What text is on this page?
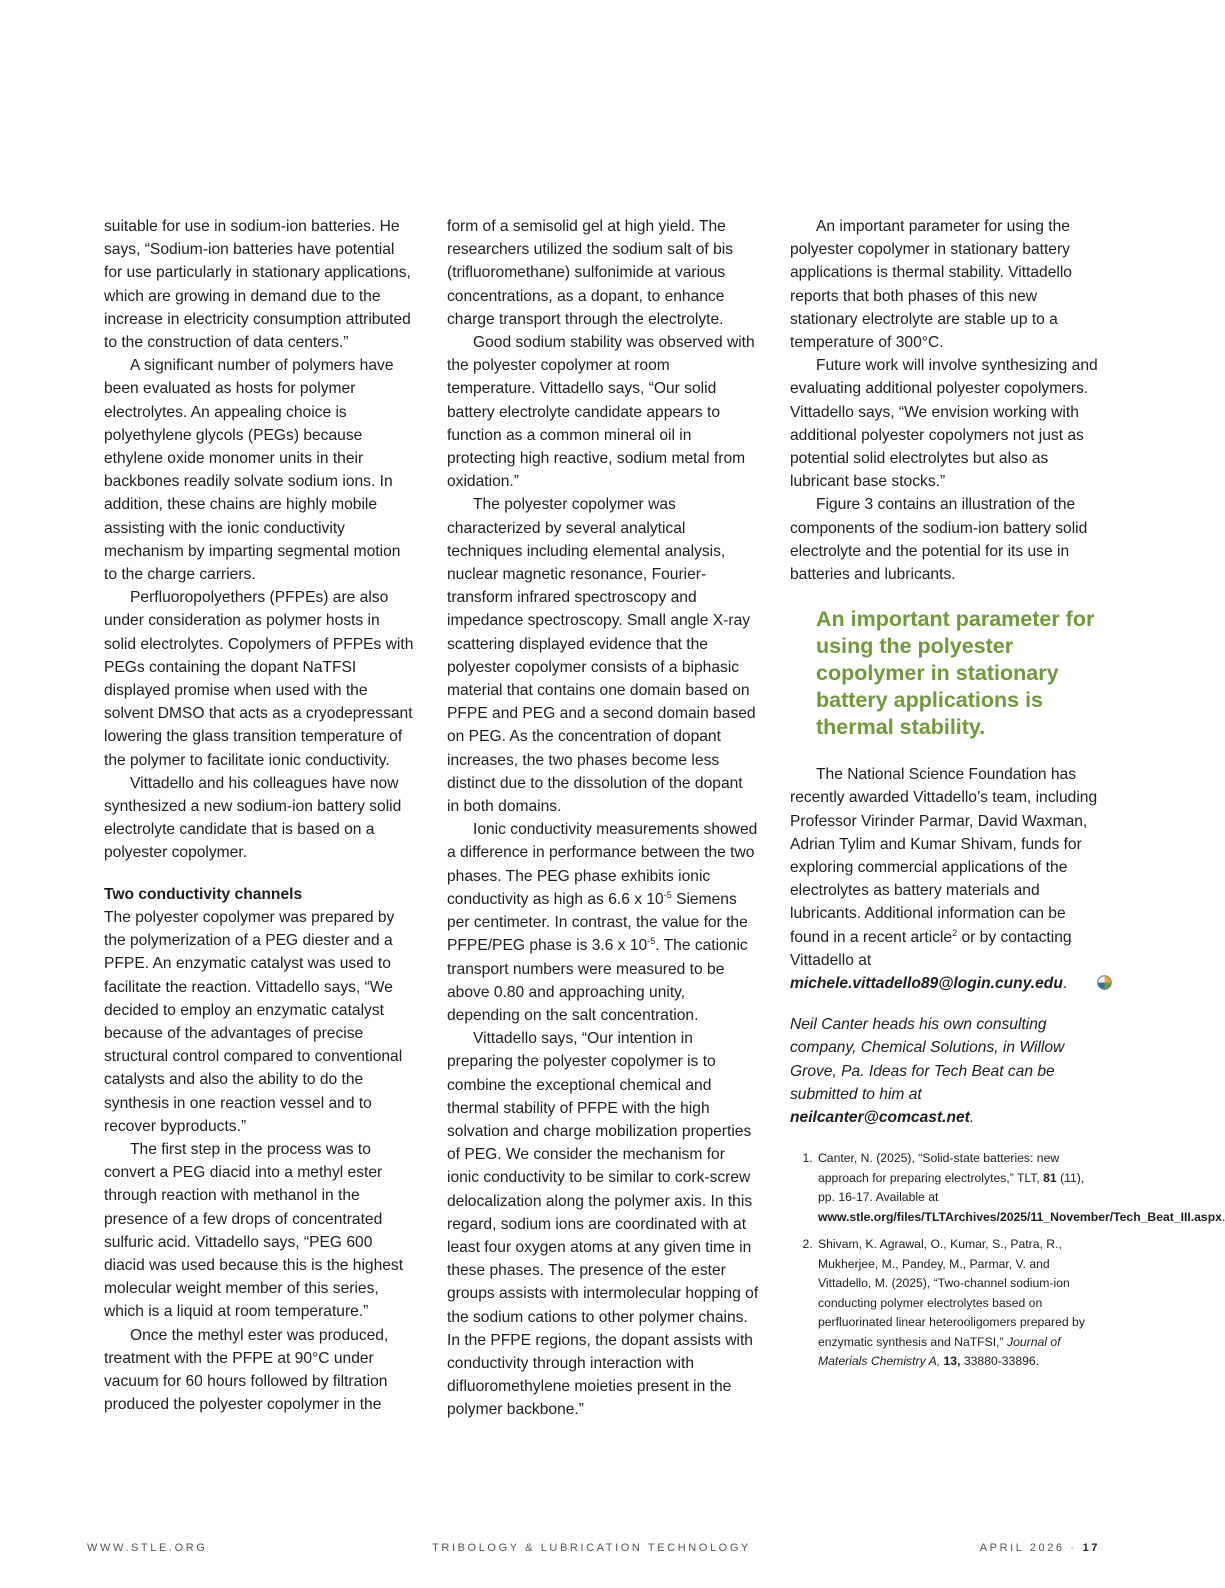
suitable for use in sodium-ion batteries. He says, “Sodium-ion batteries have potential for use particularly in stationary applications, which are growing in demand due to the increase in electricity consumption attributed to the construction of data centers.”

A significant number of polymers have been evaluated as hosts for polymer electrolytes. An appealing choice is polyethylene glycols (PEGs) because ethylene oxide monomer units in their backbones readily solvate sodium ions. In addition, these chains are highly mobile assisting with the ionic conductivity mechanism by imparting segmental motion to the charge carriers.

Perfluoropolyethers (PFPEs) are also under consideration as polymer hosts in solid electrolytes. Copolymers of PFPEs with PEGs containing the dopant NaTFSI displayed promise when used with the solvent DMSO that acts as a cryodepressant lowering the glass transition temperature of the polymer to facilitate ionic conductivity.

Vittadello and his colleagues have now synthesized a new sodium-ion battery solid electrolyte candidate that is based on a polyester copolymer.

Two conductivity channels

The polyester copolymer was prepared by the polymerization of a PEG diester and a PFPE. An enzymatic catalyst was used to facilitate the reaction. Vittadello says, “We decided to employ an enzymatic catalyst because of the advantages of precise structural control compared to conventional catalysts and also the ability to do the synthesis in one reaction vessel and to recover byproducts.”

The first step in the process was to convert a PEG diacid into a methyl ester through reaction with methanol in the presence of a few drops of concentrated sulfuric acid. Vittadello says, “PEG 600 diacid was used because this is the highest molecular weight member of this series, which is a liquid at room temperature.”

Once the methyl ester was produced, treatment with the PFPE at 90°C under vacuum for 60 hours followed by filtration produced the polyester copolymer in the

form of a semisolid gel at high yield. The researchers utilized the sodium salt of bis (trifluoromethane) sulfonimide at various concentrations, as a dopant, to enhance charge transport through the electrolyte.

Good sodium stability was observed with the polyester copolymer at room temperature. Vittadello says, “Our solid battery electrolyte candidate appears to function as a common mineral oil in protecting high reactive, sodium metal from oxidation.”

The polyester copolymer was characterized by several analytical techniques including elemental analysis, nuclear magnetic resonance, Fourier-transform infrared spectroscopy and impedance spectroscopy. Small angle X-ray scattering displayed evidence that the polyester copolymer consists of a biphasic material that contains one domain based on PFPE and PEG and a second domain based on PEG. As the concentration of dopant increases, the two phases become less distinct due to the dissolution of the dopant in both domains.

Ionic conductivity measurements showed a difference in performance between the two phases. The PEG phase exhibits ionic conductivity as high as 6.6 x $10^{-5}$ Siemens per centimeter. In contrast, the value for the PFPE/PEG phase is 3.6 x $10^{-5}$. The cationic transport numbers were measured to be above 0.80 and approaching unity, depending on the salt concentration.

Vittadello says, “Our intention in preparing the polyester copolymer is to combine the exceptional chemical and thermal stability of PFPE with the high solvation and charge mobilization properties of PEG. We consider the mechanism for ionic conductivity to be similar to cork-screw delocalization along the polymer axis. In this regard, sodium ions are coordinated with at least four oxygen atoms at any given time in these phases. The presence of the ester groups assists with intermolecular hopping of the sodium cations to other polymer chains. In the PFPE regions, the dopant assists with conductivity through interaction with difluoromethylene moieties present in the polymer backbone.”

An important parameter for using the polyester copolymer in stationary battery applications is thermal stability. Vittadello reports that both phases of this new stationary electrolyte are stable up to a temperature of 300°C.

Future work will involve synthesizing and evaluating additional polyester copolymers. Vittadello says, “We envision working with additional polyester copolymers not just as potential solid electrolytes but also as lubricant base stocks.”

Figure 3 contains an illustration of the components of the sodium-ion battery solid electrolyte and the potential for its use in batteries and lubricants.

An important parameter for using the polyester copolymer in stationary battery applications is thermal stability.

The National Science Foundation has recently awarded Vittadello’s team, including Professor Virinder Parmar, David Waxman, Adrian Tylim and Kumar Shivam, funds for exploring commercial applications of the electrolytes as battery materials and lubricants. Additional information can be found in a recent article$^2$ or by contacting Vittadello at michele.vittadello89@login.cuny.edu.

Neil Canter heads his own consulting company, Chemical Solutions, in Willow Grove, Pa. Ideas for Tech Beat can be submitted to him at neilcanter@comcast.net.

1. Canter, N. (2025), “Solid-state batteries: new approach for preparing electrolytes,” TLT, 81 (11), pp. 16-17. Available at www.stle.org/files/TLTArchives/2025/11_November/Tech_Beat_III.aspx.
2. Shivam, K. Agrawal, O., Kumar, S., Patra, R., Mukherjee, M., Pandey, M., Parmar, V. and Vittadello, M. (2025), “Two-channel sodium-ion conducting polymer electrolytes based on perfluorinated linear heterooligomers prepared by enzymatic synthesis and NaTFSI,” Journal of Materials Chemistry A, 13, 33880-33896.
WWW.STLE.ORG	TRIBOLOGY & LUBRICATION TECHNOLOGY	APRIL 2026 · 17
